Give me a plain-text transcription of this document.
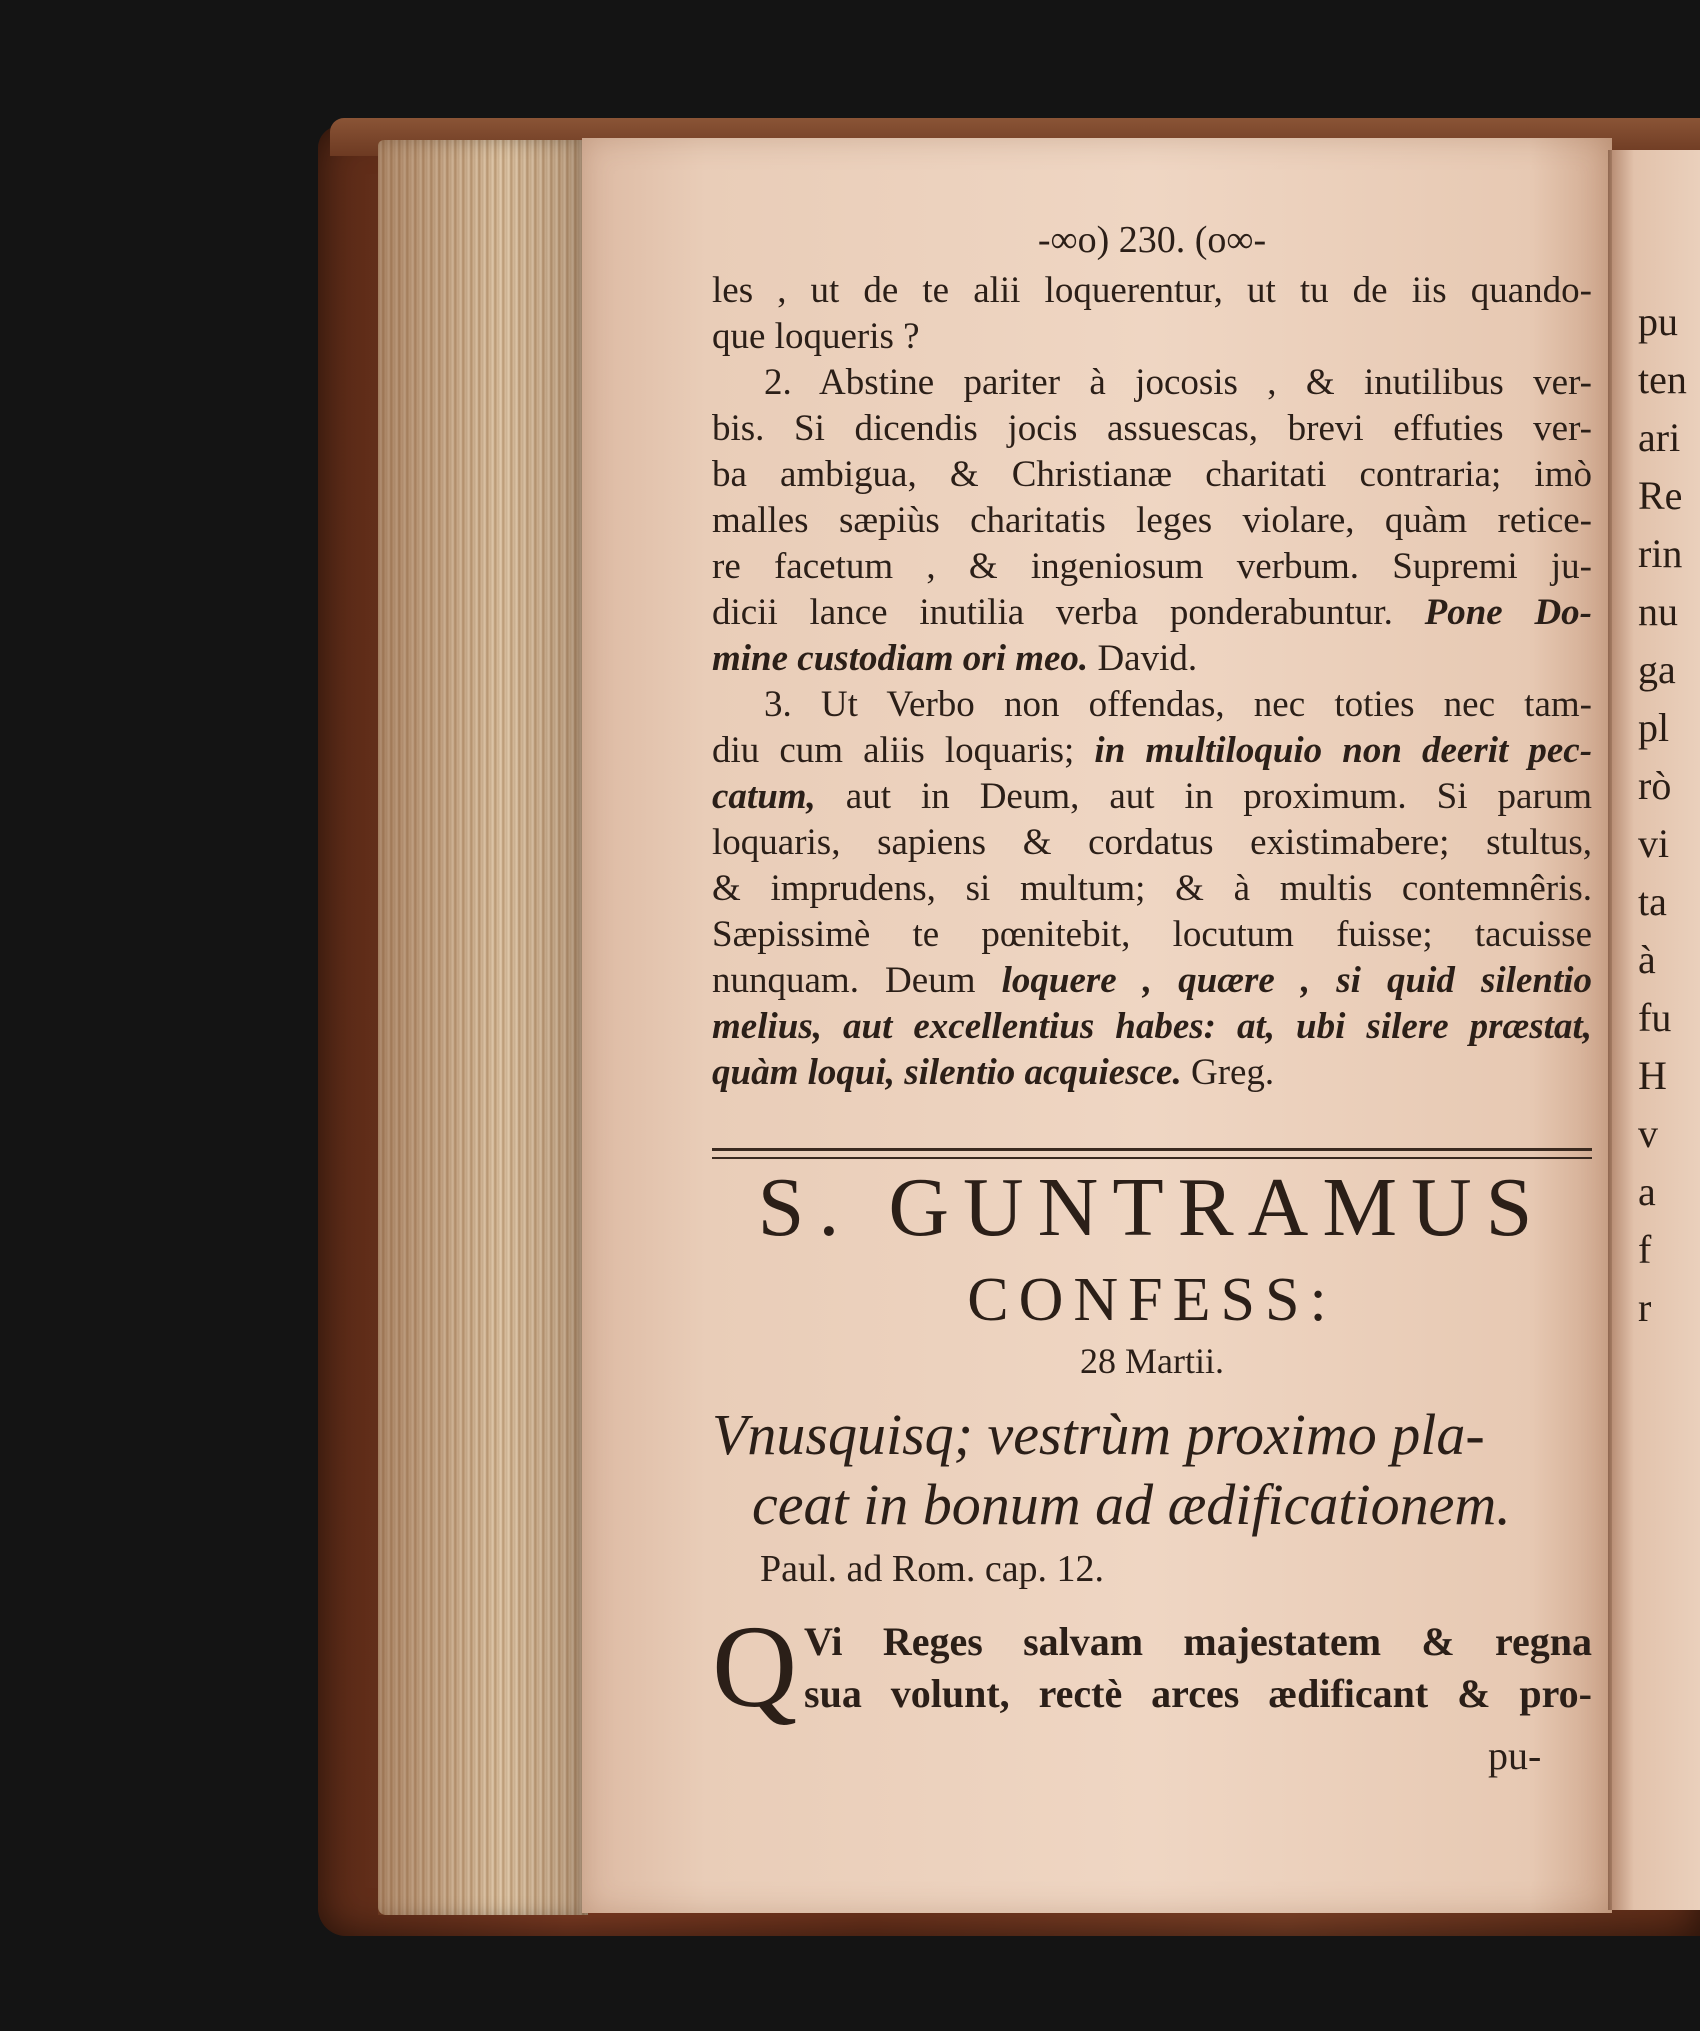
pu
ten
ari
Re
rin
nu
ga
pl
rò
vi
ta
à
fu
H
v
a
f
r
-∞o) 230. (o∞-
les , ut de te alii loquerentur, ut tu de iis quando-
que loqueris ?
2. Abstine pariter à jocosis , & inutilibus ver-
bis. Si dicendis jocis assuescas, brevi effuties ver-
ba ambigua, & Christianæ charitati contraria; imò
malles sæpiùs charitatis leges violare, quàm retice-
re facetum , & ingeniosum verbum. Supremi ju-
dicii lance inutilia verba ponderabuntur. Pone Do-
mine custodiam ori meo. David.
3. Ut Verbo non offendas, nec toties nec tam-
diu cum aliis loquaris; in multiloquio non deerit pec-
catum, aut in Deum, aut in proximum. Si parum
loquaris, sapiens & cordatus existimabere; stultus,
& imprudens, si multum; & à multis contemnêris.
Sæpissimè te pœnitebit, locutum fuisse; tacuisse
nunquam. Deum loquere , quære , si quid silentio
melius, aut excellentius habes: at, ubi silere præstat,
quàm loqui, silentio acquiesce. Greg.
S. GUNTRAMUS
CONFESS:
28 Martii.
Vnusquisq; vestrùm proximo pla-
ceat in bonum ad ædificationem.
Paul. ad Rom. cap. 12.
Q Vi Reges salvam majestatem & regna
sua volunt, rectè arces ædificant & pro-
pu-
